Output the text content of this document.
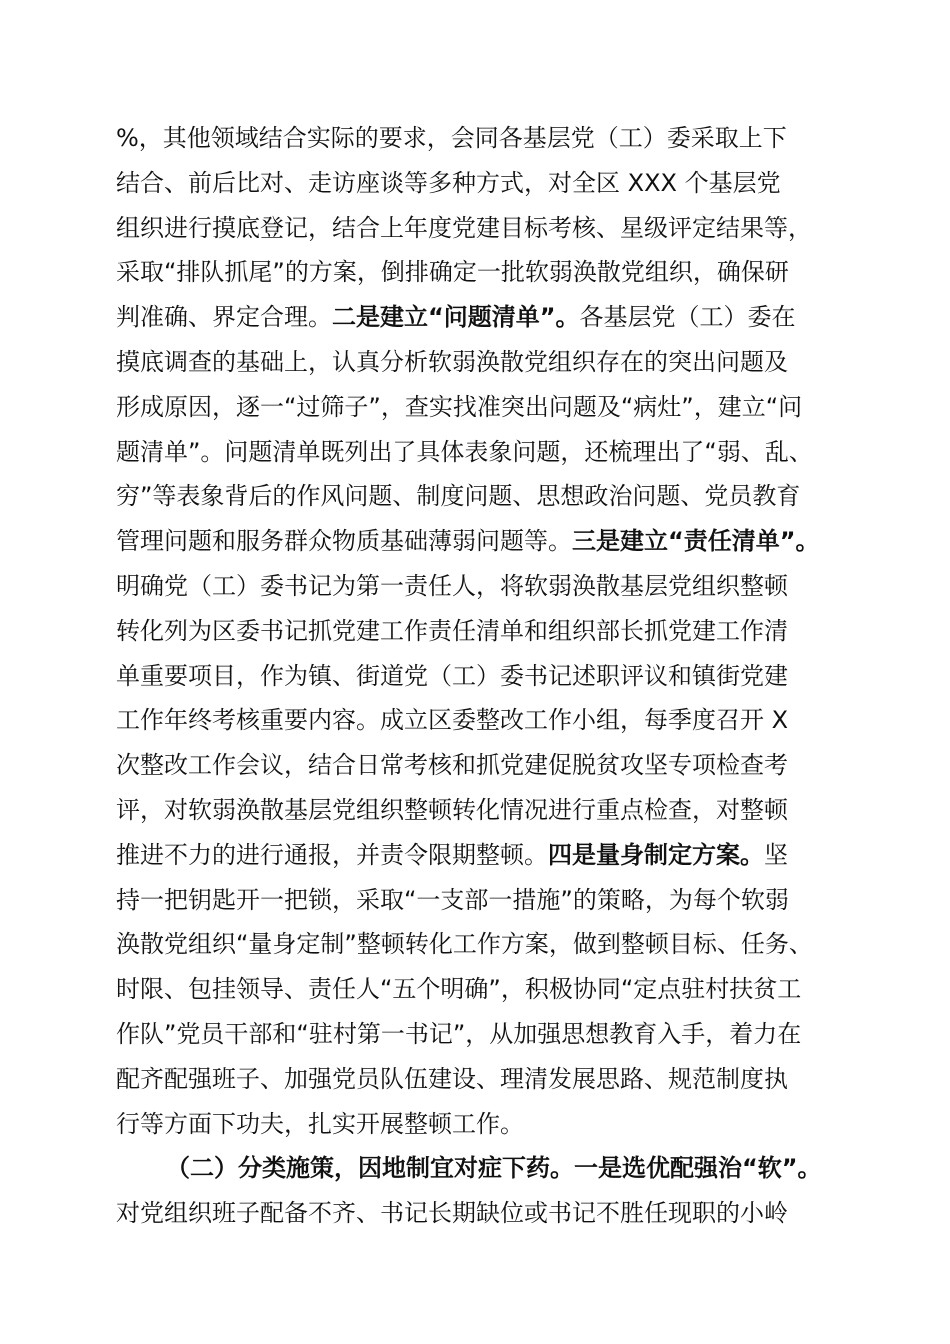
%，其他领域结合实际的要求，会同各基层党（工）委采取上下
结合、前后比对、走访座谈等多种方式，对全区 XXX 个基层党
组织进行摸底登记，结合上年度党建目标考核、星级评定结果等，
采取“排队抓尾”的方案，倒排确定一批软弱涣散党组织，确保研
判准确、界定合理。二是建立“问题清单”。各基层党（工）委在
摸底调查的基础上，认真分析软弱涣散党组织存在的突出问题及
形成原因，逐一“过筛子”，查实找准突出问题及“病灶”，建立“问
题清单”。问题清单既列出了具体表象问题，还梳理出了“弱、乱、
穷”等表象背后的作风问题、制度问题、思想政治问题、党员教育
管理问题和服务群众物质基础薄弱问题等。三是建立“责任清单”。
明确党（工）委书记为第一责任人，将软弱涣散基层党组织整顿
转化列为区委书记抓党建工作责任清单和组织部长抓党建工作清
单重要项目，作为镇、街道党（工）委书记述职评议和镇街党建
工作年终考核重要内容。成立区委整改工作小组，每季度召开 X
次整改工作会议，结合日常考核和抓党建促脱贫攻坚专项检查考
评，对软弱涣散基层党组织整顿转化情况进行重点检查，对整顿
推进不力的进行通报，并责令限期整顿。四是量身制定方案。坚
持一把钥匙开一把锁，采取“一支部一措施”的策略，为每个软弱
涣散党组织“量身定制”整顿转化工作方案，做到整顿目标、任务、
时限、包挂领导、责任人“五个明确”，积极协同“定点驻村扶贫工
作队”党员干部和“驻村第一书记”，从加强思想教育入手，着力在
配齐配强班子、加强党员队伍建设、理清发展思路、规范制度执
行等方面下功夫，扎实开展整顿工作。
（二）分类施策，因地制宜对症下药。一是选优配强治“软”。
对党组织班子配备不齐、书记长期缺位或书记不胜任现职的小岭
